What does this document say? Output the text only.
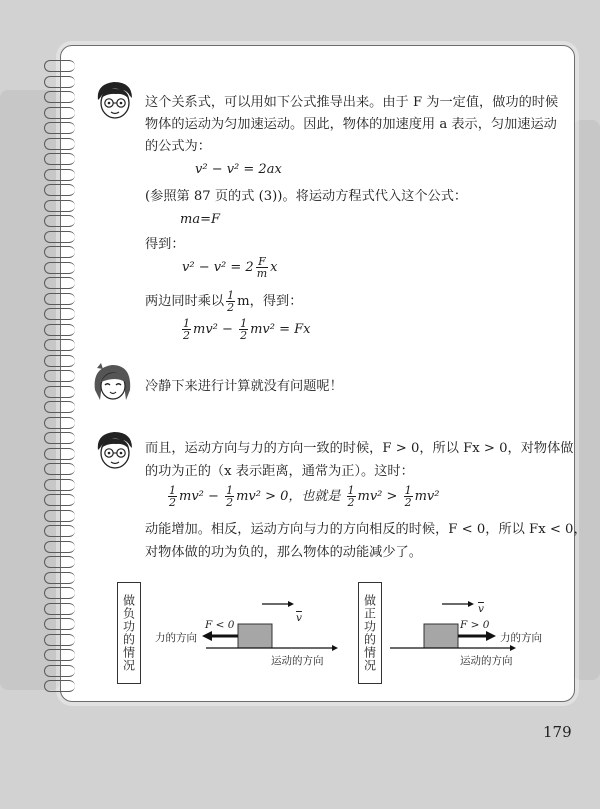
这个关系式，可以用如下公式推导出来。由于 F 为一定值，做功的时候
物体的运动为匀加速运动。因此，物体的加速度用 a 表示，匀加速运动
的公式为：
v² − v² = 2ax
(参照第 87 页的式 (3))。将运动方程式代入这个公式：
ma=F
得到：
$v^2 - v^2 = 2 \frac{F}{m}$ x
两边同时乘以 $\frac{1}{2}$ m，得到：
$\frac{1}{2} mv^2 - \frac{1}{2} mv^2 = Fx$
冷静下来进行计算就没有问题呢！
而且，运动方向与力的方向一致的时候，F > 0，所以 Fx > 0，对物体做
的功为正的（x 表示距离，通常为正）。这时：
$\frac{1}{2} mv^2 - \frac{1}{2} mv^2 > 0$，也就是 $\frac{1}{2} mv^2 > \frac{1}{2} mv^2$
动能增加。相反，运动方向与力的方向相反的时候，F < 0，所以 Fx < 0，
对物体做的功为负的，那么物体的动能减少了。
做负功的情况	F < 0
$\overline{v}$
力的方向
运动的方向	做正功的情况	F > 0
$\overline{v}$
力的方向
运动的方向
179
